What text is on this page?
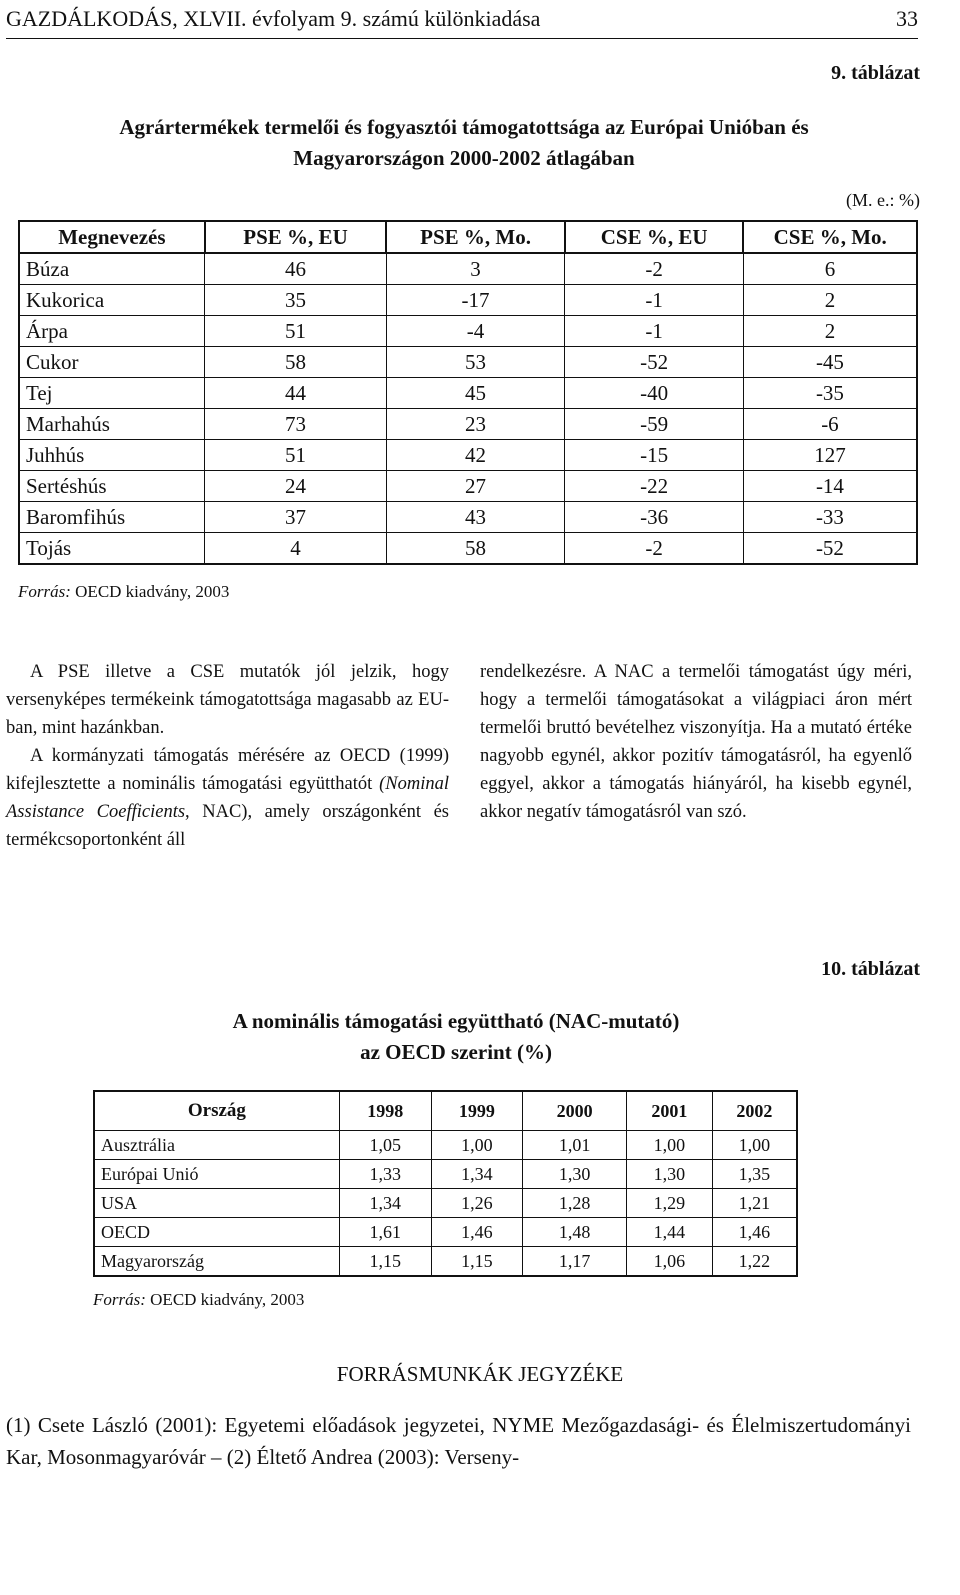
GAZDÁLKODÁS, XLVII. évfolyam 9. számú különkiadása	33
9. táblázat
Agrártermékek termelői és fogyasztói támogatottsága az Európai Unióban és
Magyarországon 2000-2002 átlagában
(M. e.: %)
Megnevezés	PSE %, EU	PSE %, Mo.	CSE %, EU	CSE %, Mo.
Búza	46	3	-2	6
Kukorica	35	-17	-1	2
Árpa	51	-4	-1	2
Cukor	58	53	-52	-45
Tej	44	45	-40	-35
Marhahús	73	23	-59	-6
Juhhús	51	42	-15	127
Sertéshús	24	27	-22	-14
Baromfihús	37	43	-36	-33
Tojás	4	58	-2	-52
Forrás: OECD kiadvány, 2003

A PSE illetve a CSE mutatók jól jelzik, hogy versenyképes termékeink támogatottsága magasabb az EU-ban, mint hazánkban.

A kormányzati támogatás mérésére az OECD (1999) kifejlesztette a nominális támogatási együtthatót (Nominal Assistance Coefficients, NAC), amely országonként és termékcsoportonként áll

rendelkezésre. A NAC a termelői támogatást úgy méri, hogy a termelői támogatásokat a világpiaci áron mért termelői bruttó bevételhez viszonyítja. Ha a mutató értéke nagyobb egynél, akkor pozitív támogatásról, ha egyenlő eggyel, akkor a támogatás hiányáról, ha kisebb egynél, akkor negatív támogatásról van szó.

10. táblázat
A nominális támogatási együttható (NAC-mutató)
az OECD szerint (%)
Ország	1998	1999	2000	2001	2002
Ausztrália	1,05	1,00	1,01	1,00	1,00
Európai Unió	1,33	1,34	1,30	1,30	1,35
USA	1,34	1,26	1,28	1,29	1,21
OECD	1,61	1,46	1,48	1,44	1,46
Magyarország	1,15	1,15	1,17	1,06	1,22
Forrás: OECD kiadvány, 2003
FORRÁSMUNKÁK JEGYZÉKE
(1) Csete László (2001): Egyetemi előadások jegyzetei, NYME Mezőgazdasági- és Élelmiszertudományi Kar, Mosonmagyaróvár – (2) Éltető Andrea (2003): Verseny-
